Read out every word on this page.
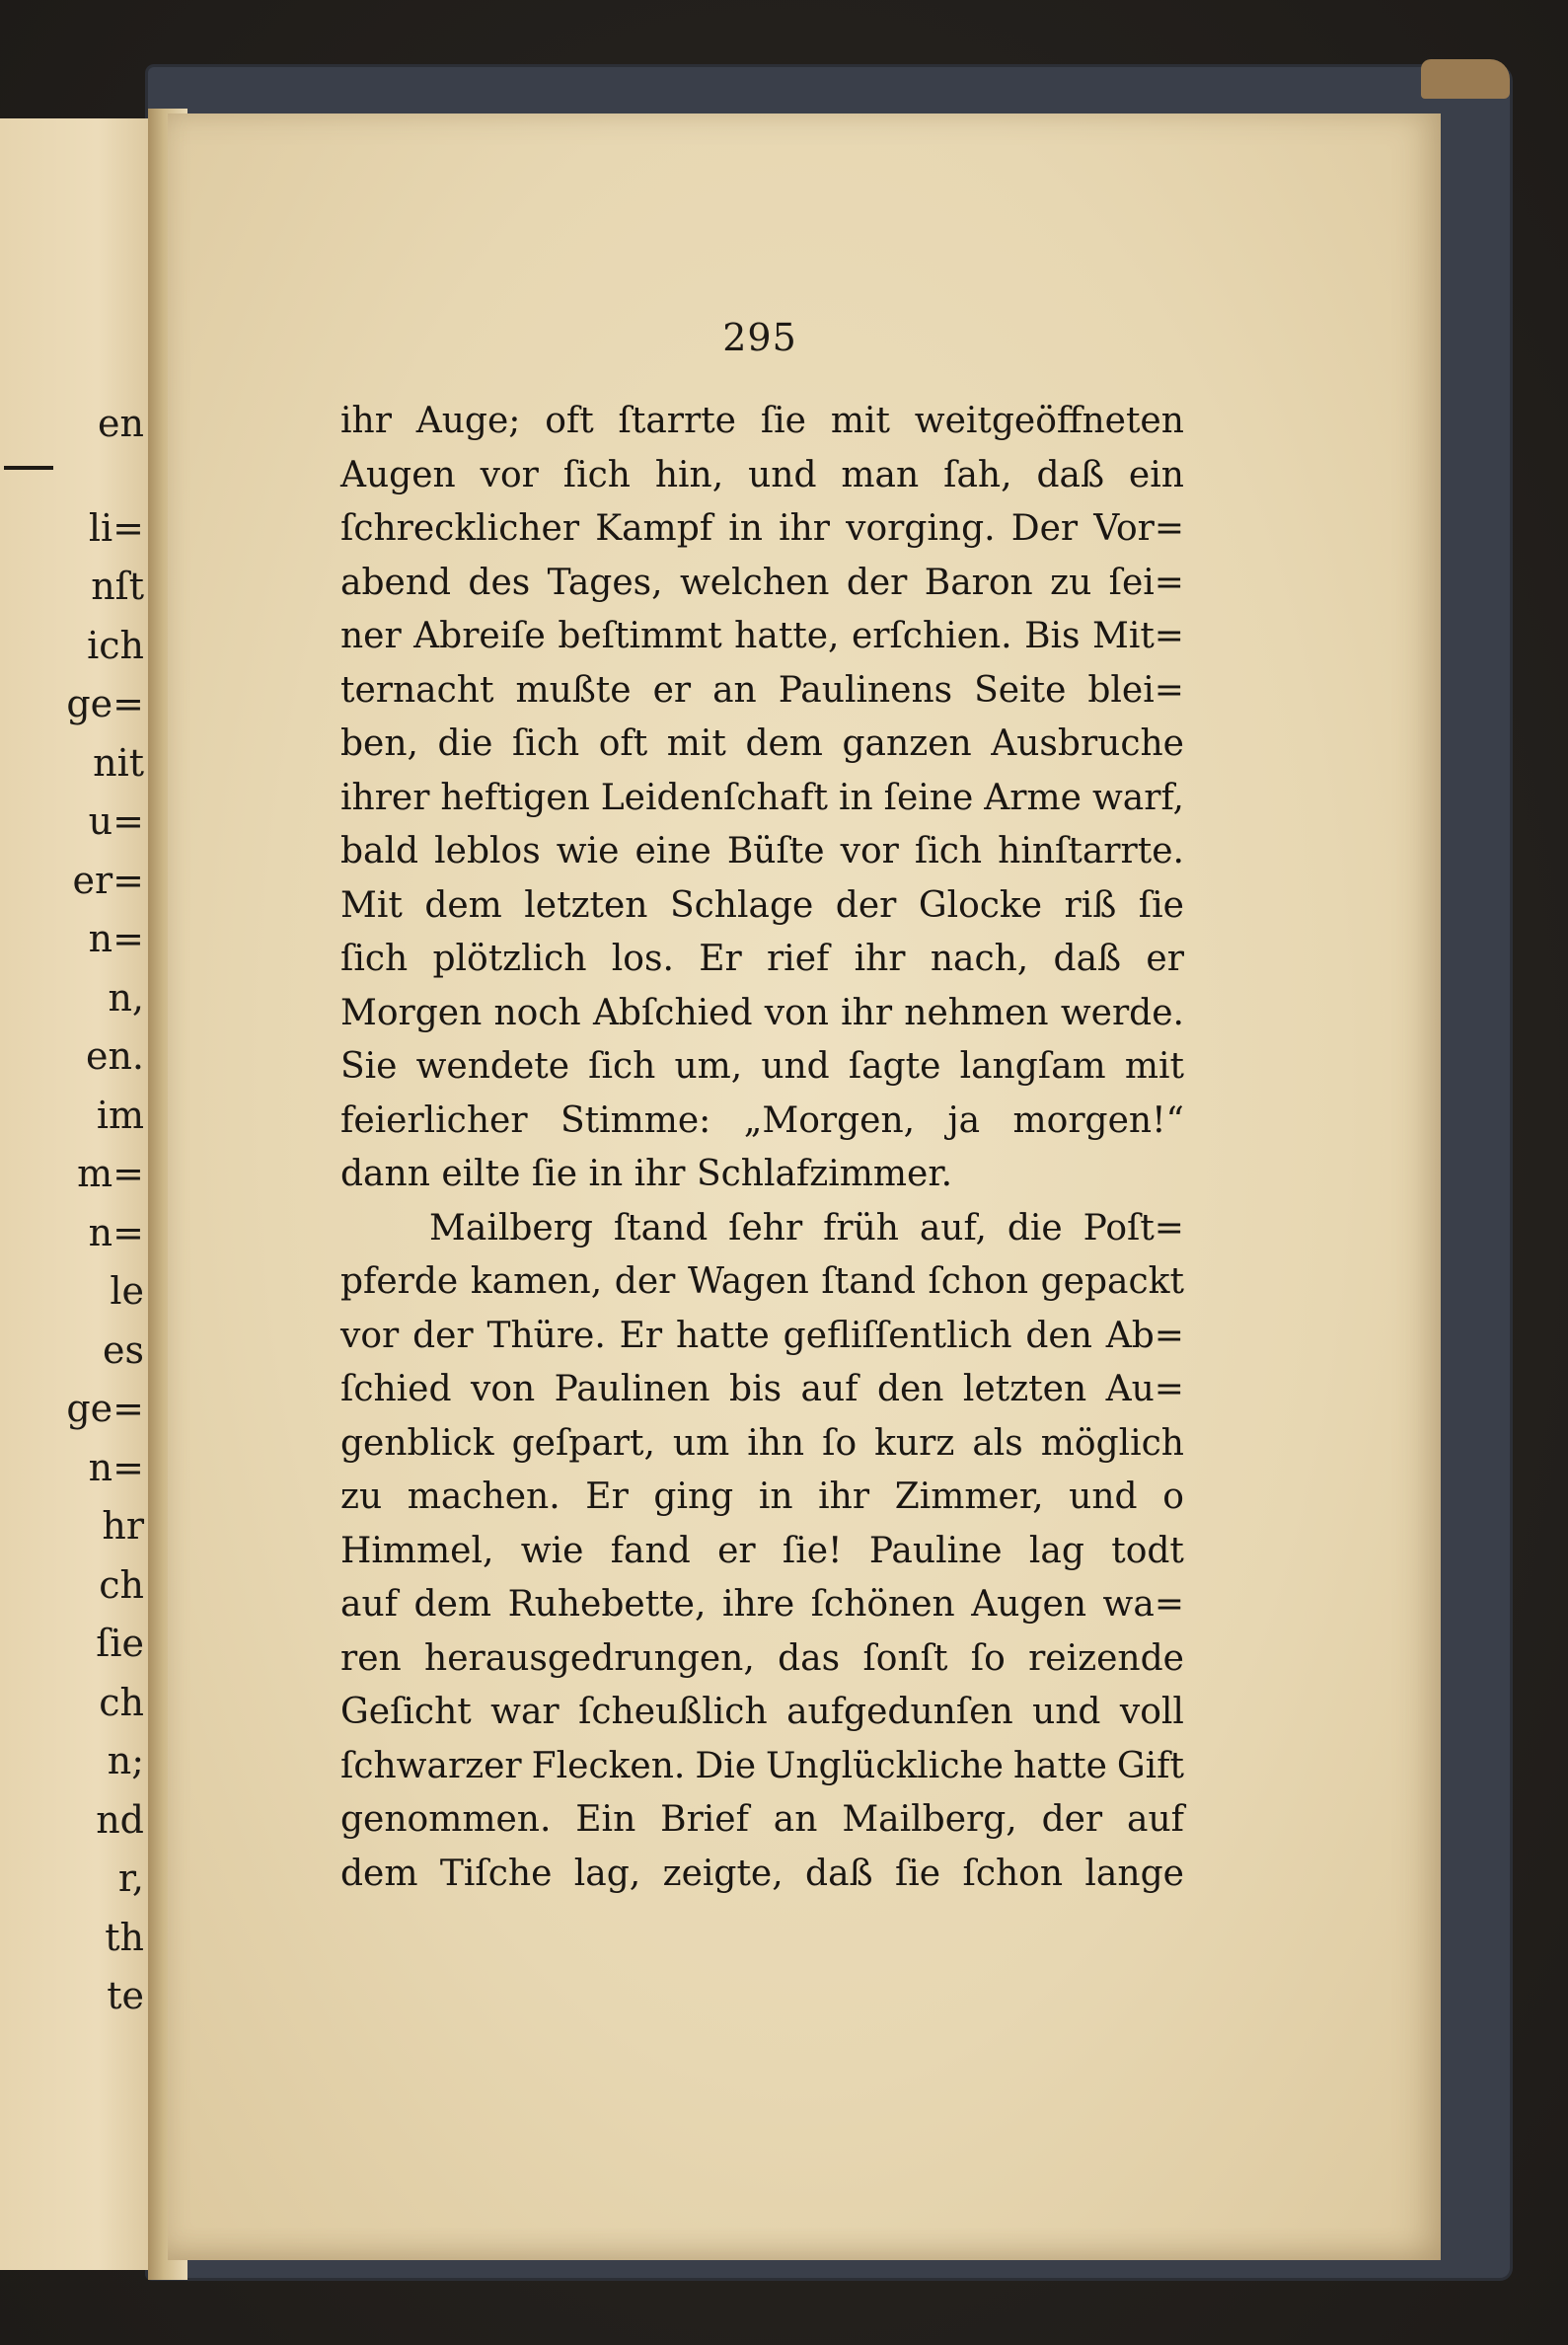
en
li=
nſt
ich
ge=
nit
u=
er=
n=
n,
en.
im
m=
n=
le
es
ge=
n=
hr
ch
ſie
ch
n;
nd
r,
th
te
295
ihr Auge; oft ſtarrte ſie mit weitgeöffneten
Augen vor ſich hin, und man ſah, daß ein
ſchrecklicher Kampf in ihr vorging. Der Vor=
abend des Tages, welchen der Baron zu ſei=
ner Abreiſe beſtimmt hatte, erſchien. Bis Mit=
ternacht mußte er an Paulinens Seite blei=
ben, die ſich oft mit dem ganzen Ausbruche
ihrer heftigen Leidenſchaft in ſeine Arme warf,
bald leblos wie eine Büſte vor ſich hinſtarrte.
Mit dem letzten Schlage der Glocke riß ſie
ſich plötzlich los. Er rief ihr nach, daß er
Morgen noch Abſchied von ihr nehmen werde.
Sie wendete ſich um, und ſagte langſam mit
feierlicher Stimme: „Morgen, ja morgen!“
dann eilte ſie in ihr Schlafzimmer.
Mailberg ſtand ſehr früh auf, die Poſt=
pferde kamen, der Wagen ſtand ſchon gepackt
vor der Thüre. Er hatte gefliſſentlich den Ab=
ſchied von Paulinen bis auf den letzten Au=
genblick geſpart, um ihn ſo kurz als möglich
zu machen. Er ging in ihr Zimmer, und o
Himmel, wie fand er ſie! Pauline lag todt
auf dem Ruhebette, ihre ſchönen Augen wa=
ren herausgedrungen, das ſonſt ſo reizende
Geſicht war ſcheußlich aufgedunſen und voll
ſchwarzer Flecken. Die Unglückliche hatte Gift
genommen. Ein Brief an Mailberg, der auf
dem Tiſche lag, zeigte, daß ſie ſchon lange
